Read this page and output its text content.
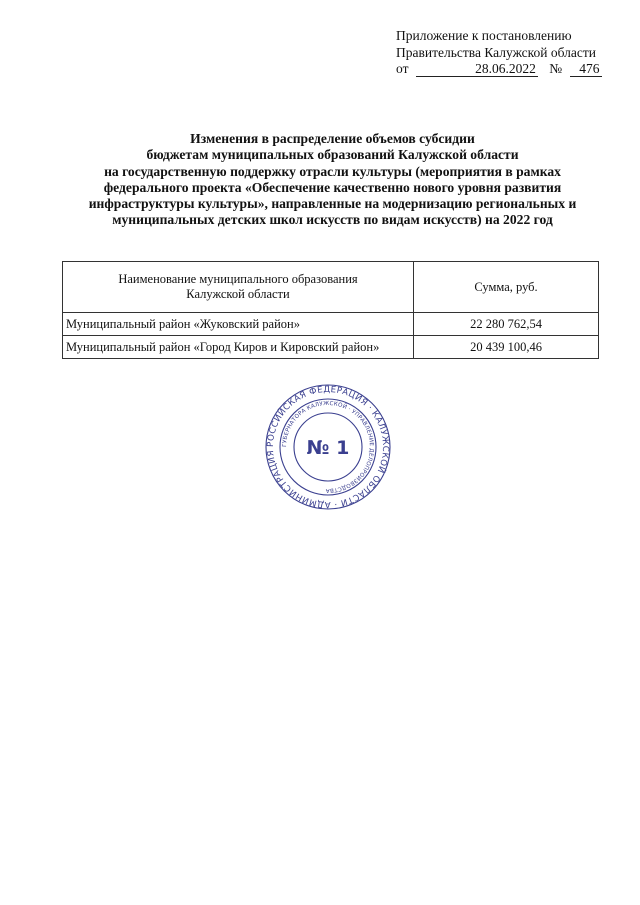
Приложение к постановлению
Правительства Калужской области
от	28.06.2022 № 476
Изменения в распределение объемов субсидии
бюджетам муниципальных образований Калужской области
на государственную поддержку отрасли культуры (мероприятия в рамках
федерального проекта «Обеспечение качественно нового уровня развития
инфраструктуры культуры», направленные на модернизацию региональных и
муниципальных детских школ искусств по видам искусств) на 2022 год
Наименование муниципального образования
Калужской области	Сумма, руб.
Муниципальный район «Жуковский район»	22 280 762,54
Муниципальный район «Город Киров и Кировский район»	20 439 100,46
РОССИЙСКАЯ ФЕДЕРАЦИЯ · КАЛУЖСКОЙ ОБЛАСТИ · АДМИНИСТРАЦИЯ
ГУБЕРНАТОРА КАЛУЖСКОЙ · УПРАВЛЕНИЕ ДЕЛОПРОИЗВОДСТВА
№ 1
